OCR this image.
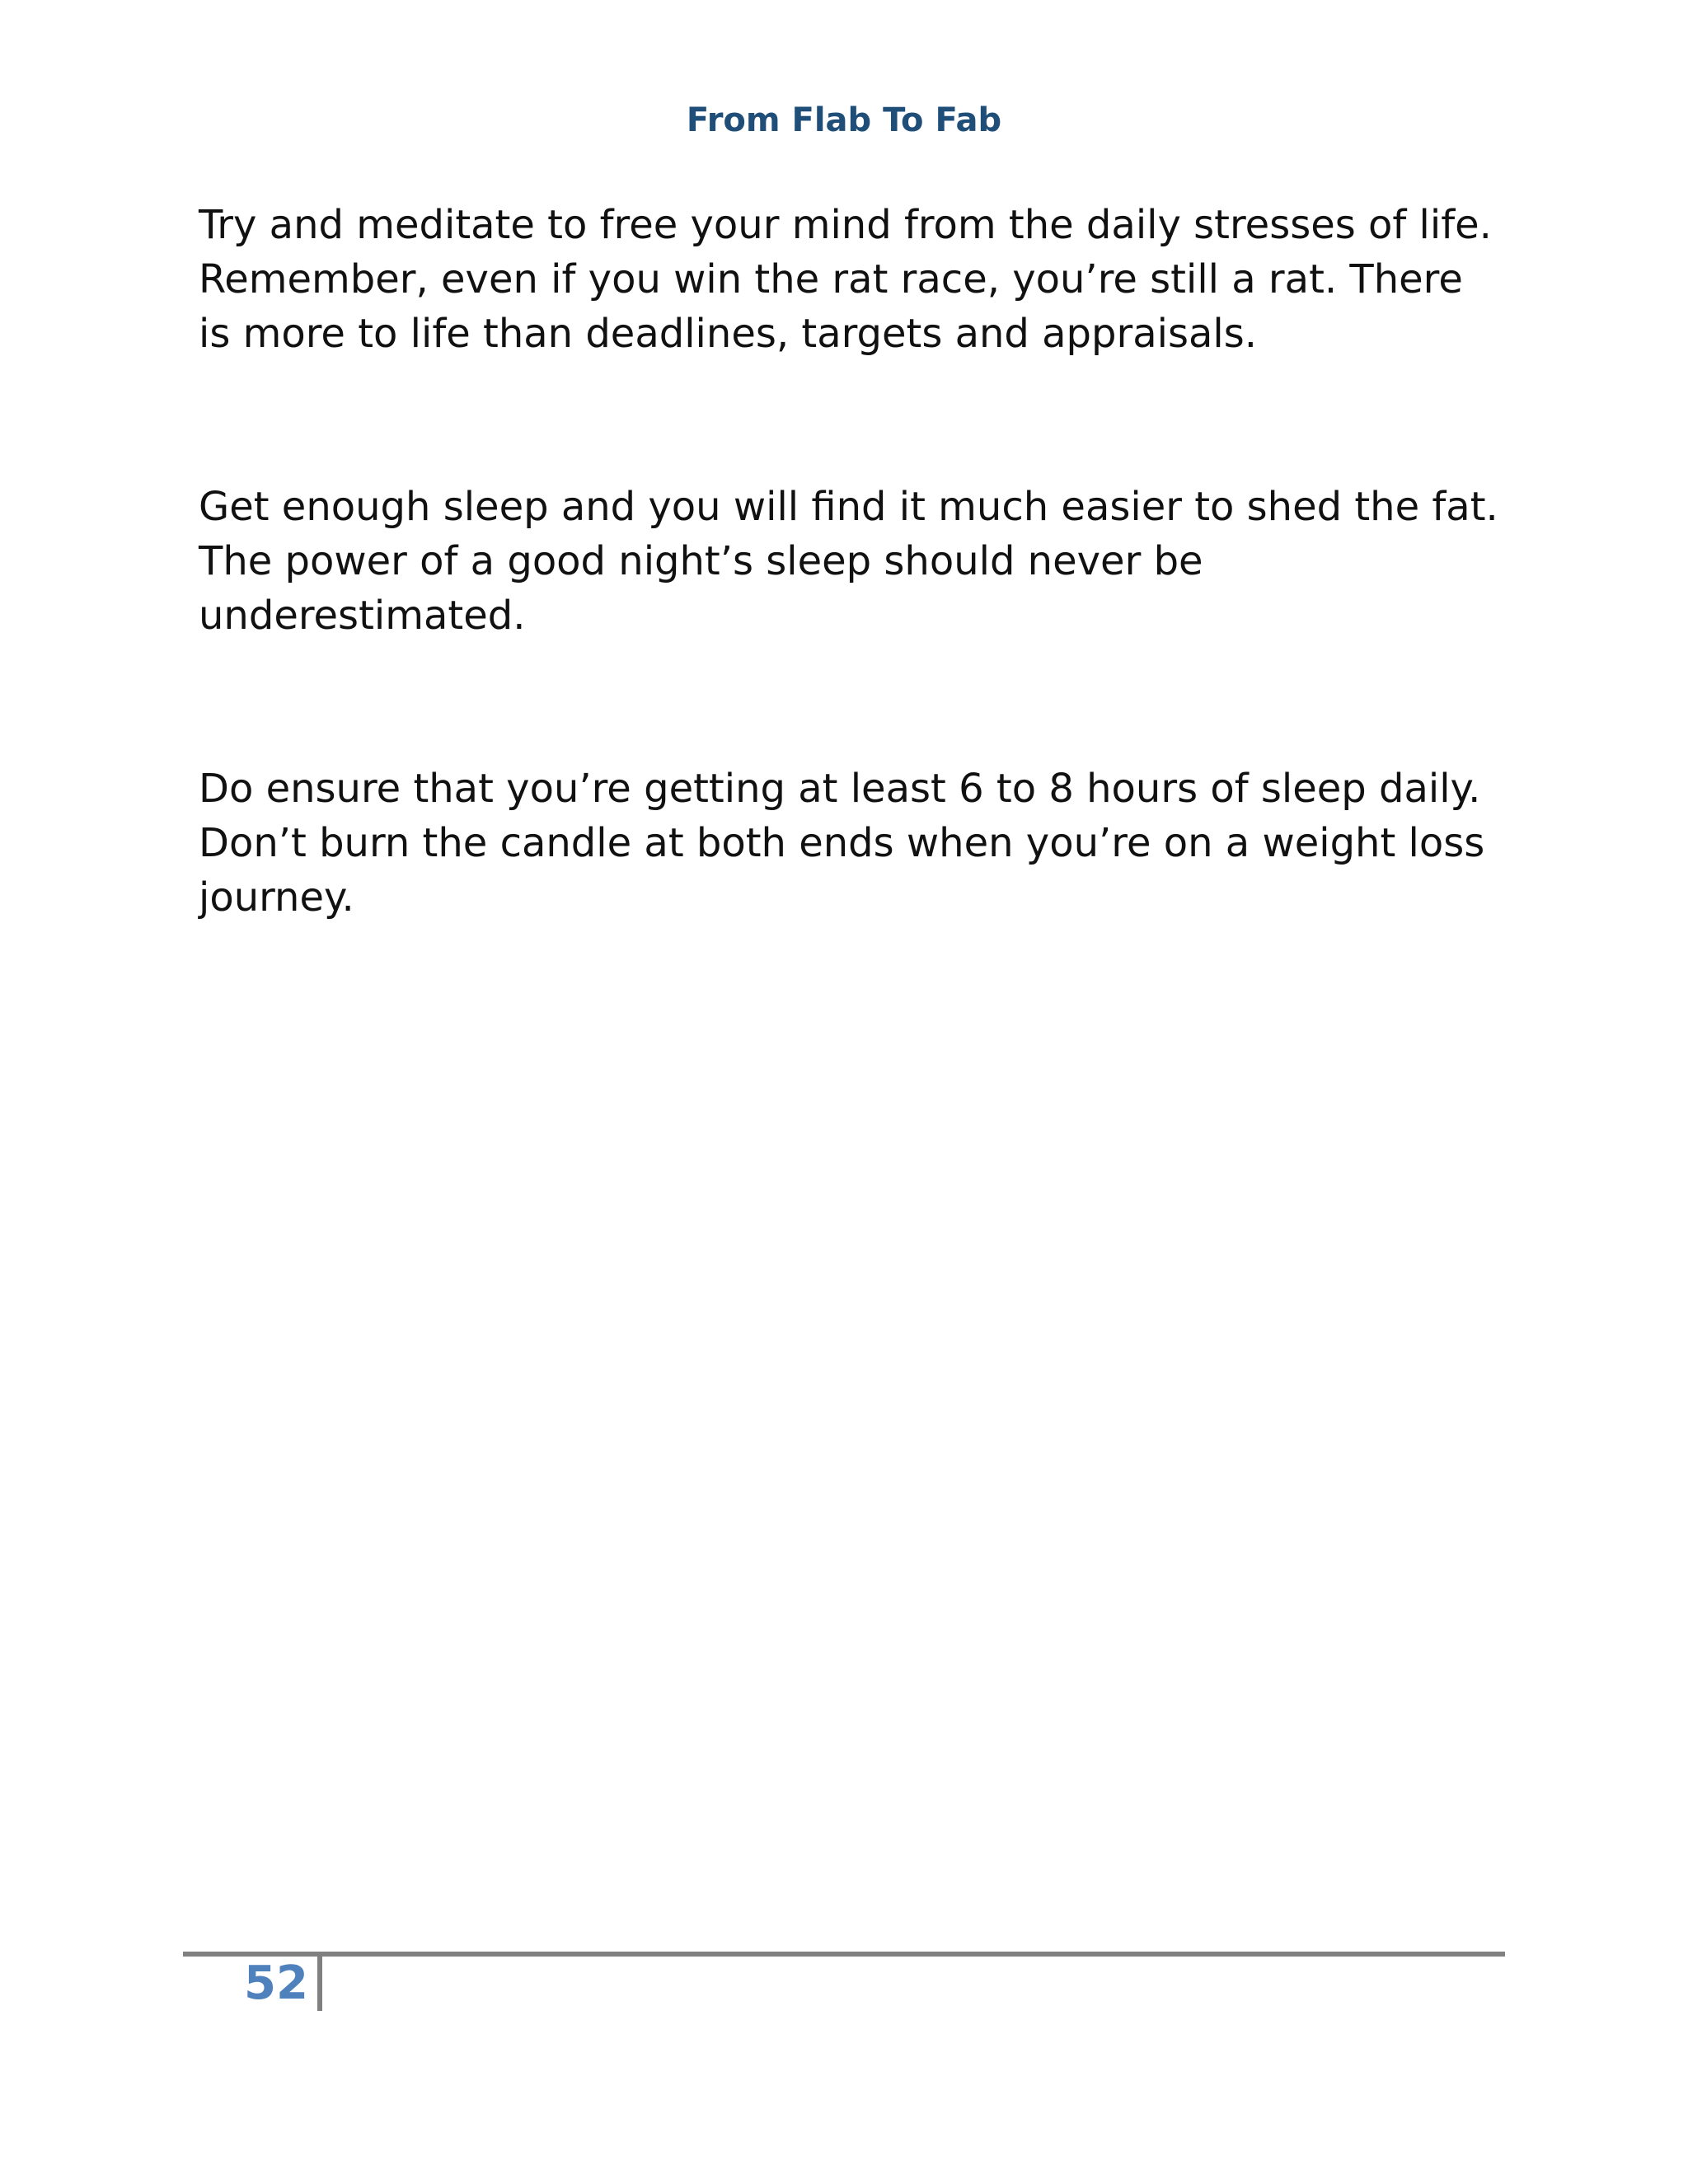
From Flab To Fab

Try and meditate to free your mind from the daily stresses of life.
Remember, even if you win the rat race, you’re still a rat. There
is more to life than deadlines, targets and appraisals.

Get enough sleep and you will find it much easier to shed the fat.
The power of a good night’s sleep should never be
underestimated.

Do ensure that you’re getting at least 6 to 8 hours of sleep daily.
Don’t burn the candle at both ends when you’re on a weight loss
journey.

52
